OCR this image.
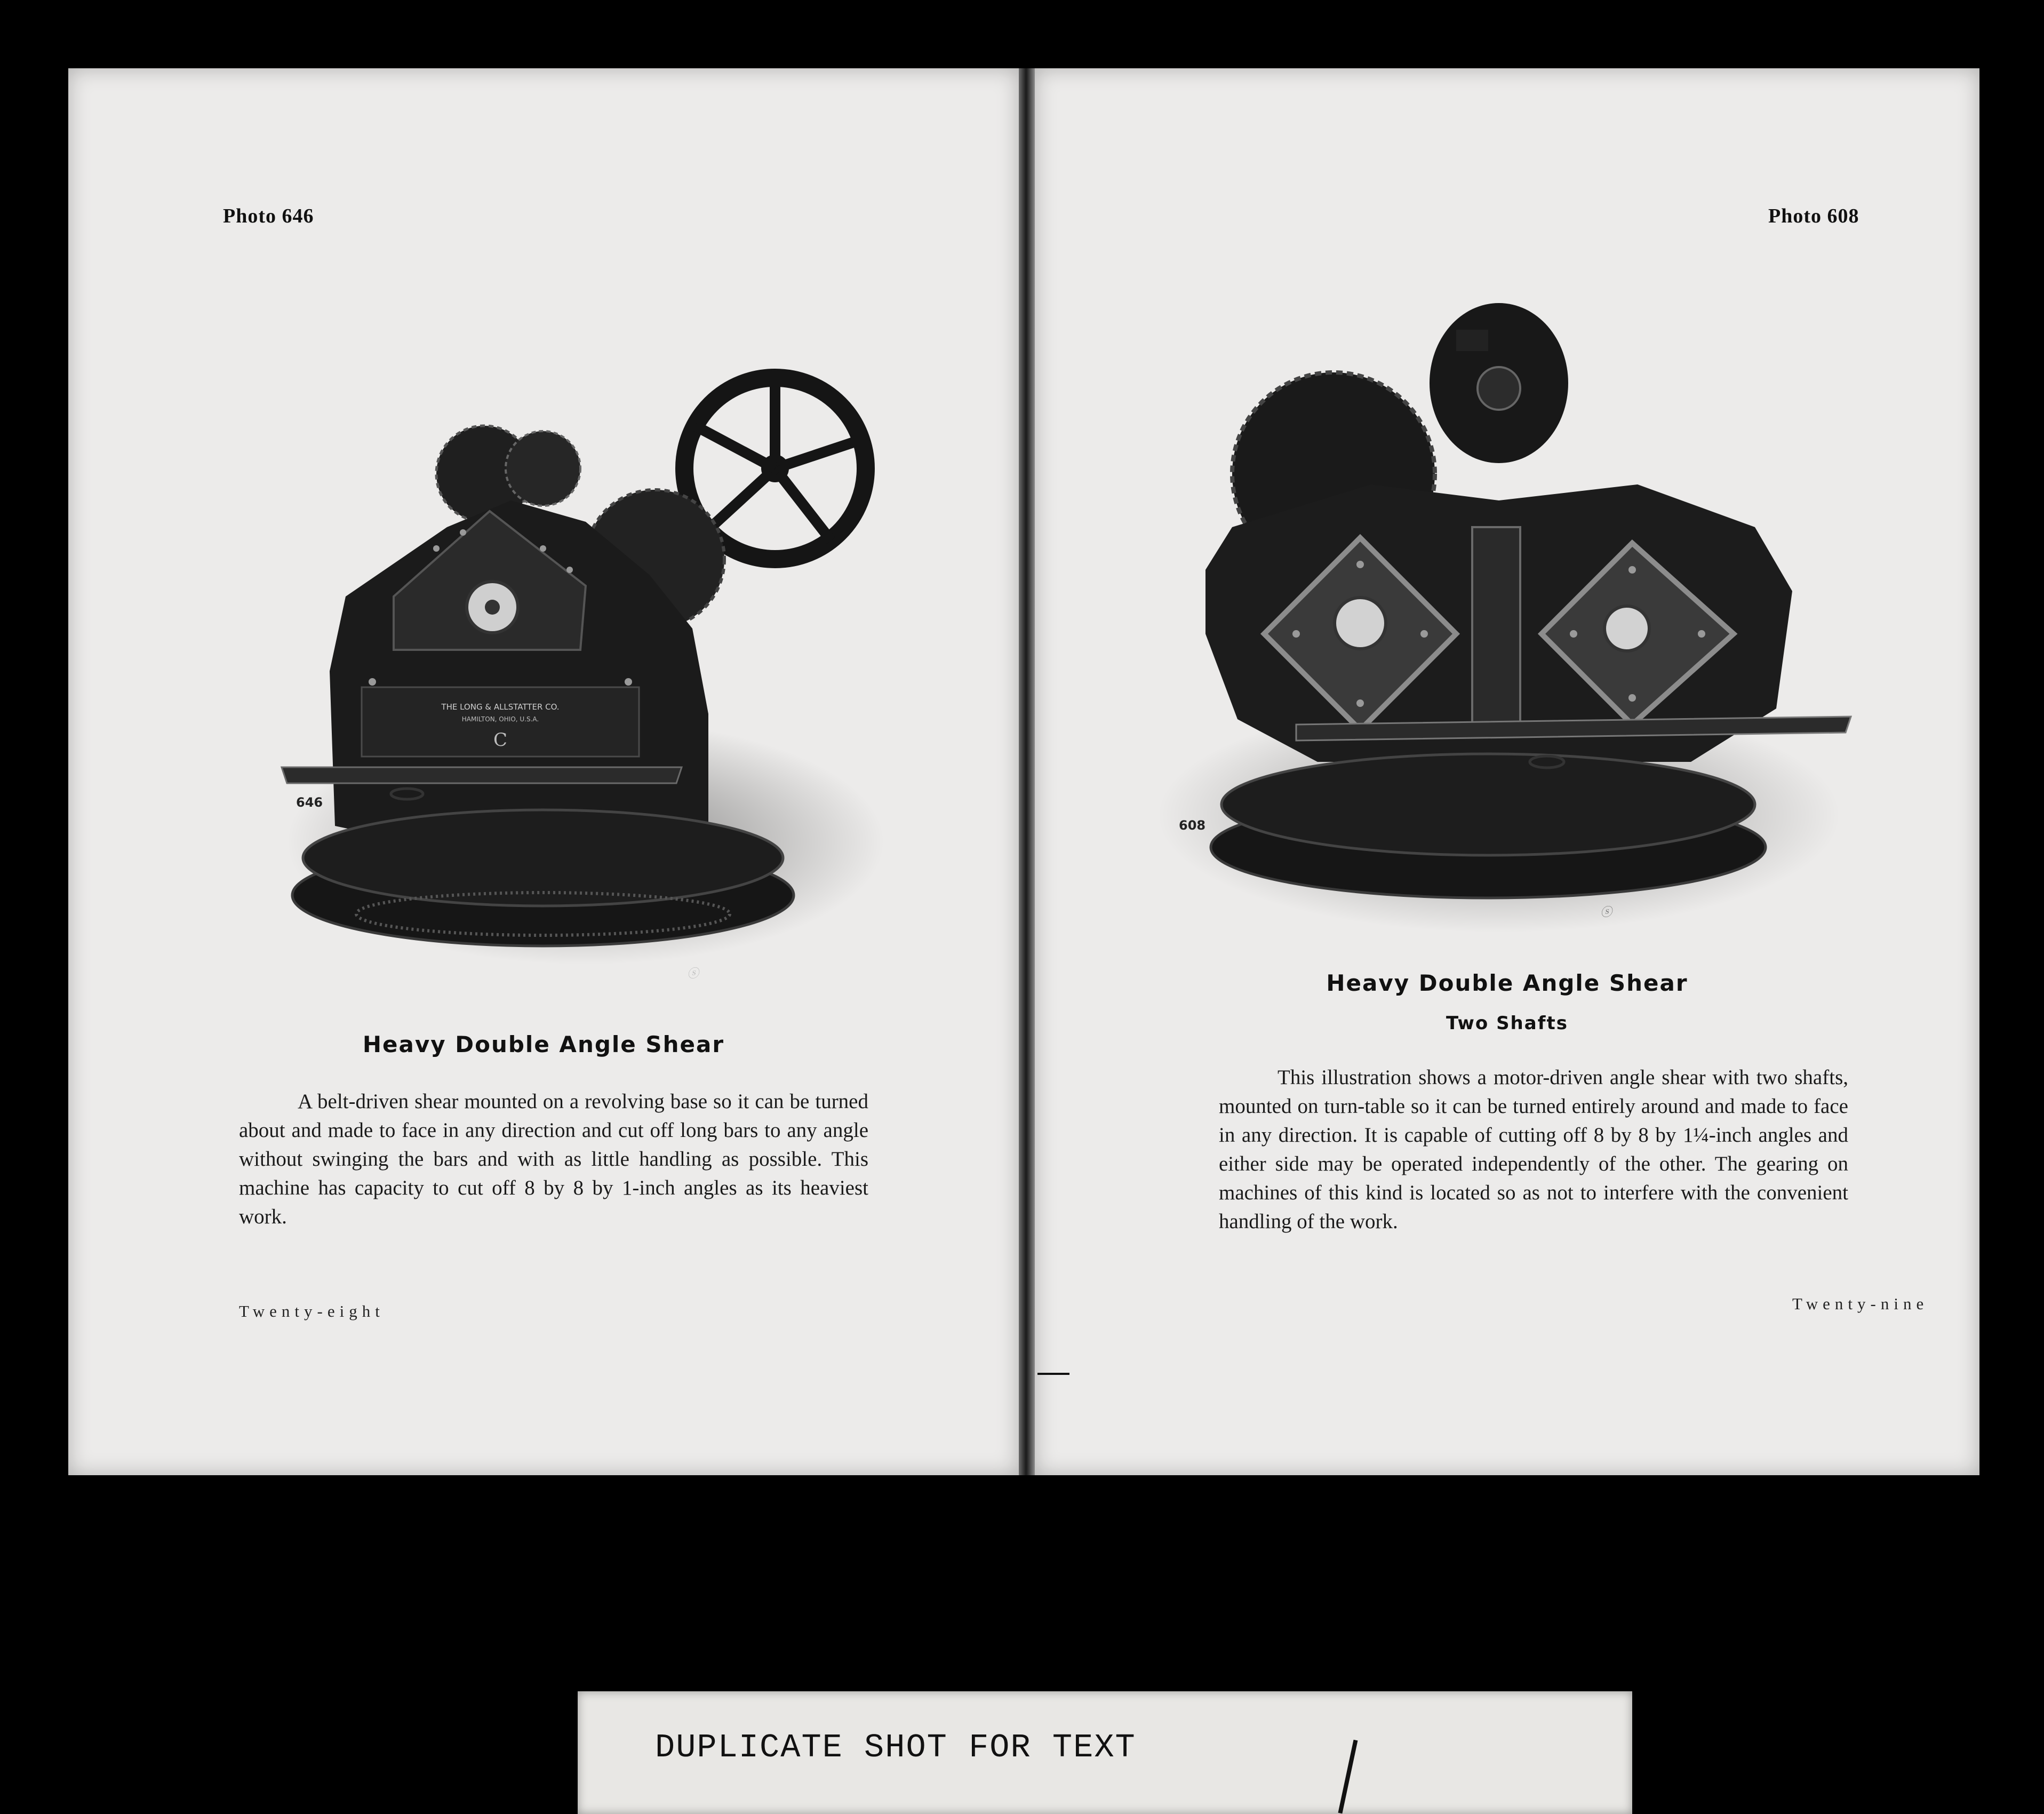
Photo 646
THE LONG & ALLSTATTER CO.
HAMILTON, OHIO, U.S.A.
C
646
ⓢ
Heavy Double Angle Shear

A belt-driven shear mounted on a revolving base so it can be turned about and made to face in any direction and cut off long bars to any angle without swinging the bars and with as little handling as possible. This machine has capacity to cut off 8 by 8 by 1-inch angles as its heaviest work.

Twenty-eight
Photo 608
608
ⓢ
Heavy Double Angle Shear
Two Shafts

This illustration shows a motor-driven angle shear with two shafts, mounted on turn-table so it can be turned entirely around and made to face in any direction. It is capable of cutting off 8 by 8 by 1¼-inch angles and either side may be operated independently of the other. The gearing on machines of this kind is located so as not to interfere with the convenient handling of the work.

Twenty-nine
DUPLICATE SHOT FOR TEXT
